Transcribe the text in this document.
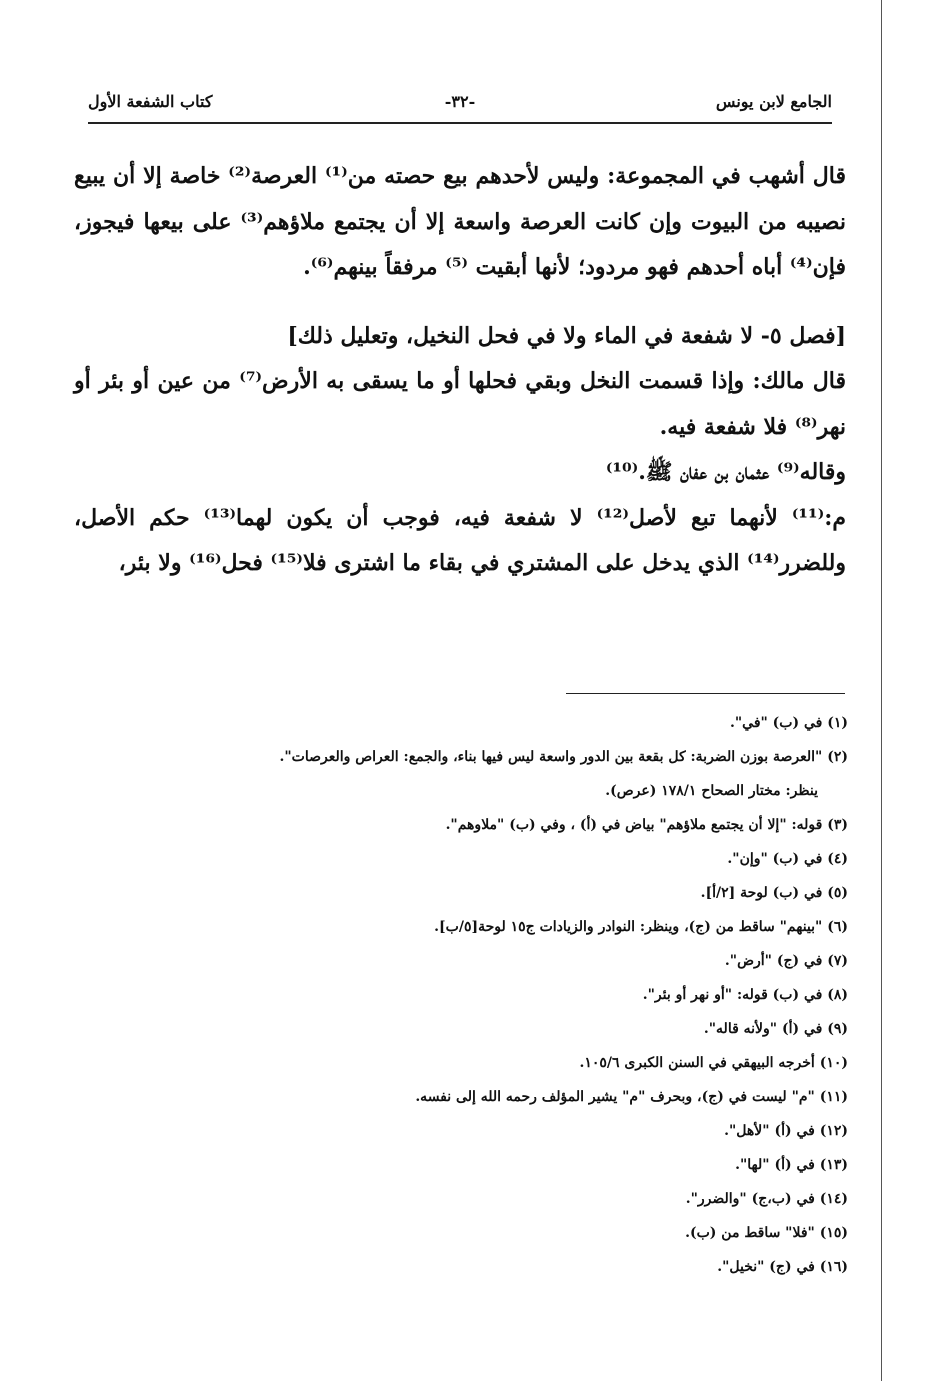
الجامع لابن يونس
-٣٢-
كتاب الشفعة الأول

قال أشهب في المجموعة: وليس لأحدهم بيع حصته من⁽¹⁾ العرصة⁽²⁾ خاصة إلا أن يبيع نصيبه من البيوت وإن كانت العرصة واسعة إلا أن يجتمع ملاؤهم⁽³⁾ على بيعها فيجوز، فإن⁽⁴⁾ أباه أحدهم فهو مردود؛ لأنها أبقيت ⁽⁵⁾ مرفقاً بينهم⁽⁶⁾.

[فصل ٥- لا شفعة في الماء ولا في فحل النخيل، وتعليل ذلك]

قال مالك: وإذا قسمت النخل وبقي فحلها أو ما يسقى به الأرض⁽⁷⁾ من عين أو بئر أو نهر⁽⁸⁾ فلا شفعة فيه.

وقاله⁽⁹⁾ عثمان بن عفان ﷺ.⁽¹⁰⁾

م:⁽¹¹⁾ لأنهما تبع لأصل⁽¹²⁾ لا شفعة فيه، فوجب أن يكون لهما⁽¹³⁾ حكم الأصل، وللضرر⁽¹⁴⁾ الذي يدخل على المشتري في بقاء ما اشترى فلا⁽¹⁵⁾ فحل⁽¹⁶⁾ ولا بئر،

(١) في (ب) "في".
(٢) "العرصة بوزن الضربة: كل بقعة بين الدور واسعة ليس فيها بناء، والجمع: العراص والعرصات".
ينظر: مختار الصحاح ١٧٨/١ (عرص).
(٣) قوله: "إلا أن يجتمع ملاؤهم" بياض في (أ) ، وفي (ب) "ملاوهم".
(٤) في (ب) "وإن".
(٥) في (ب) لوحة [٢/أ].
(٦) "بينهم" ساقط من (ج)، وينظر: النوادر والزيادات ج١٥ لوحة[٥/ب].
(٧) في (ج) "أرض".
(٨) في (ب) قوله: "أو نهر أو بئر".
(٩) في (أ) "ولأنه قاله".
(١٠) أخرجه البيهقي في السنن الكبرى ١٠٥/٦.
(١١) "م" ليست في (ج)، وبحرف "م" يشير المؤلف رحمه الله إلى نفسه.
(١٢) في (أ) "لأهل".
(١٣) في (أ) "لها".
(١٤) في (ب،ج) "والضرر".
(١٥) "فلا" ساقط من (ب).
(١٦) في (ج) "نخيل".
